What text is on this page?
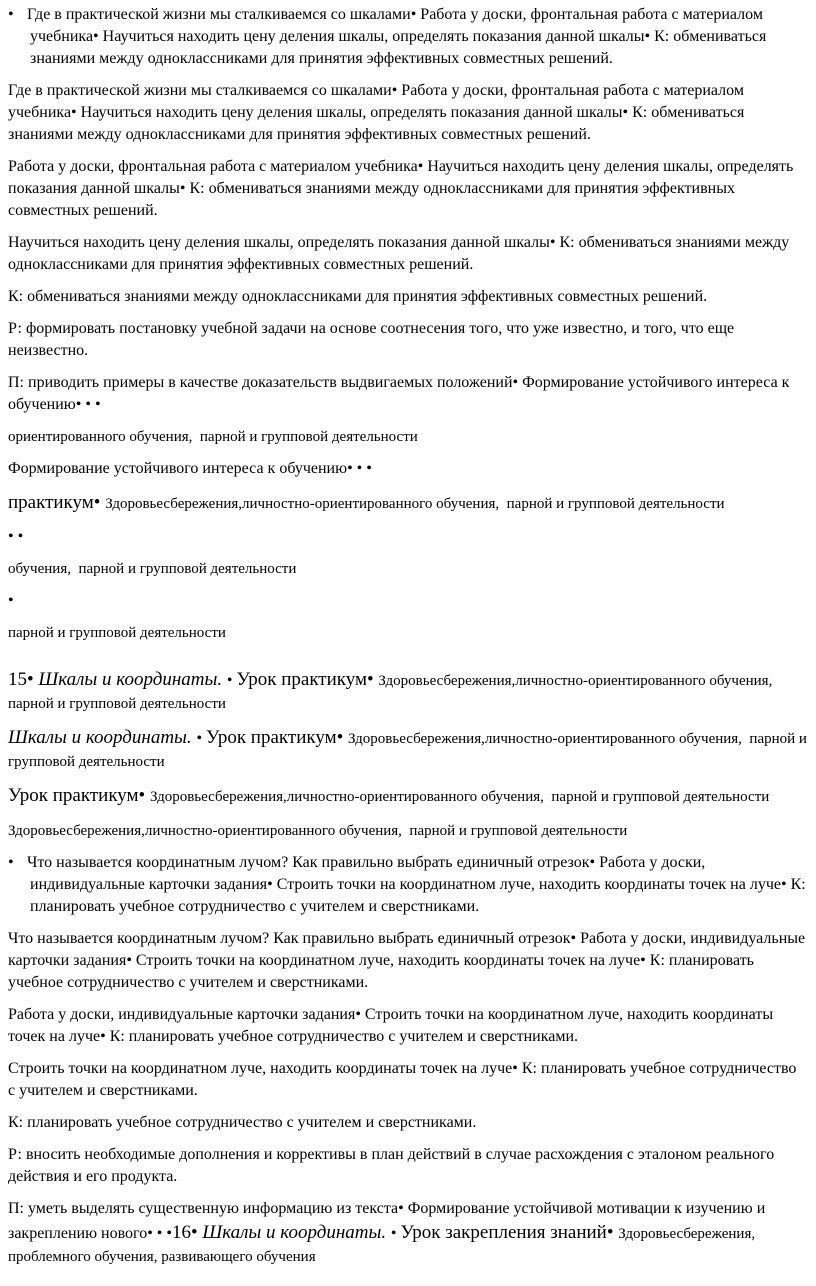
• Где в практической жизни мы сталкиваемся со шкалами• Работа у доски, фронтальная работа с материалом учебника• Научиться находить цену деления шкалы, определять показания данной шкалы• К: обмениваться знаниями между одноклассниками для принятия эффективных совместных решений.
Где в практической жизни мы сталкиваемся со шкалами• Работа у доски, фронтальная работа с материалом учебника• Научиться находить цену деления шкалы, определять показания данной шкалы• К: обмениваться знаниями между одноклассниками для принятия эффективных совместных решений.
Работа у доски, фронтальная работа с материалом учебника• Научиться находить цену деления шкалы, определять показания данной шкалы• К: обмениваться знаниями между одноклассниками для принятия эффективных совместных решений.
Научиться находить цену деления шкалы, определять показания данной шкалы• К: обмениваться знаниями между одноклассниками для принятия эффективных совместных решений.
К: обмениваться знаниями между одноклассниками для принятия эффективных совместных решений.
Р: формировать постановку учебной задачи на основе соотнесения того, что уже известно, и того, что еще неизвестно.
П: приводить примеры в качестве доказательств выдвигаемых положений• Формирование устойчивого интереса к обучению• • •
ориентированного обучения,  парной и групповой деятельности
Формирование устойчивого интереса к обучению• • •
практикум• Здоровьесбережения,личностно-ориентированного обучения,  парной и групповой деятельности
• •
обучения,  парной и групповой деятельности
•
парной и групповой деятельности
15• Шкалы и координаты. • Урок практикум• Здоровьесбережения,личностно-ориентированного обучения,  парной и групповой деятельности
Шкалы и координаты. • Урок практикум• Здоровьесбережения,личностно-ориентированного обучения,  парной и групповой деятельности
Урок практикум• Здоровьесбережения,личностно-ориентированного обучения,  парной и групповой деятельности
Здоровьесбережения,личностно-ориентированного обучения,  парной и групповой деятельности
• Что называется координатным лучом? Как правильно выбрать единичный отрезок• Работа у доски, индивидуальные карточки задания• Строить точки на координатном луче, находить координаты точек на луче• К: планировать учебное сотрудничество с учителем и сверстниками.
Что называется координатным лучом? Как правильно выбрать единичный отрезок• Работа у доски, индивидуальные карточки задания• Строить точки на координатном луче, находить координаты точек на луче• К: планировать учебное сотрудничество с учителем и сверстниками.
Работа у доски, индивидуальные карточки задания• Строить точки на координатном луче, находить координаты точек на луче• К: планировать учебное сотрудничество с учителем и сверстниками.
Строить точки на координатном луче, находить координаты точек на луче• К: планировать учебное сотрудничество с учителем и сверстниками.
К: планировать учебное сотрудничество с учителем и сверстниками.
Р: вносить необходимые дополнения и коррективы в план действий в случае расхождения с эталоном реального действия и его продукта.
П: уметь выделять существенную информацию из текста• Формирование устойчивой мотивации к изучению и закреплению нового• • •16• Шкалы и координаты. • Урок закрепления знаний• Здоровьесбережения, проблемного обучения, развивающего обучения
